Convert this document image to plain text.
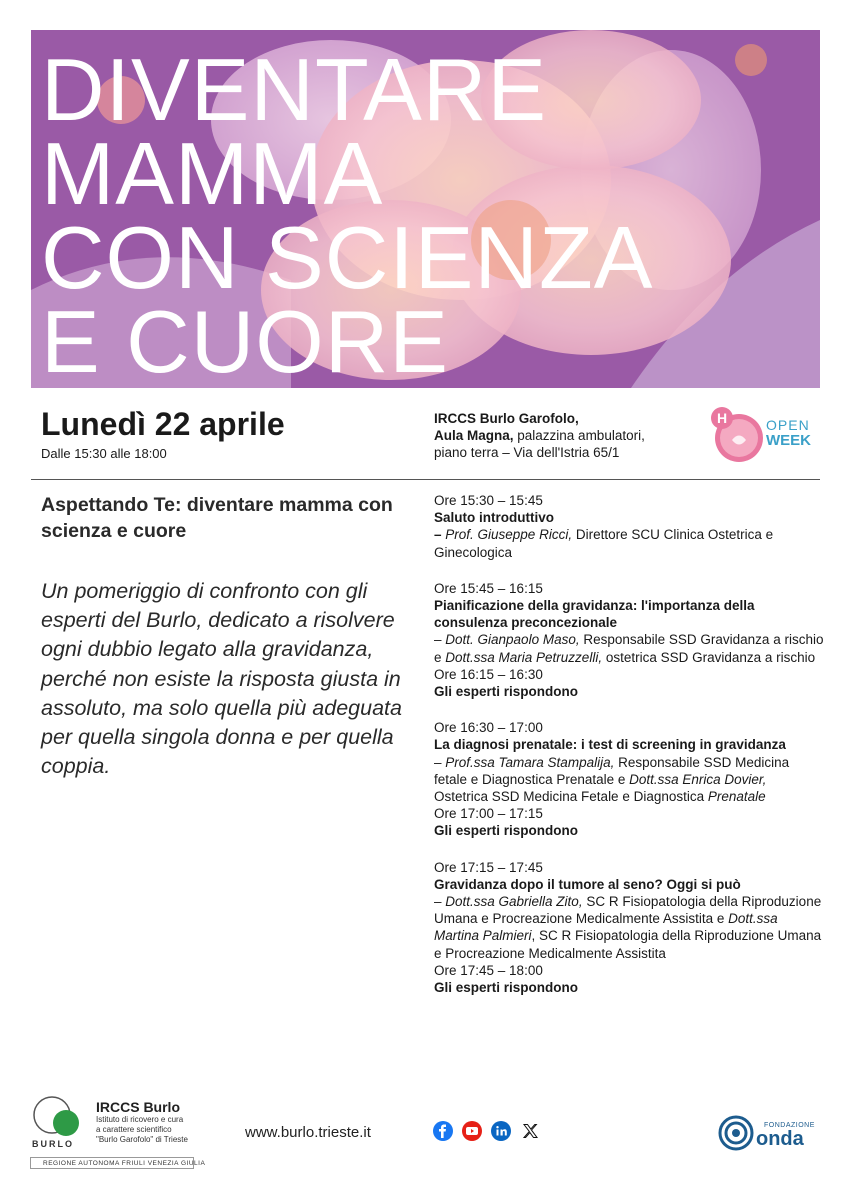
DIVENTARE
MAMMA
CON SCIENZA
E CUORE
Lunedì 22 aprile
Dalle 15:30 alle 18:00
IRCCS Burlo Garofolo,
Aula Magna, palazzina ambulatori,
piano terra – Via dell'Istria 65/1
H	OPEN
WEEK
Aspettando Te: diventare mamma con scienza e cuore
Un pomeriggio di confronto con gli esperti del Burlo, dedicato a risolvere ogni dubbio legato alla gravidanza, perché non esiste la risposta giusta in assoluto, ma solo quella più adeguata per quella singola donna e per quella coppia.
Ore 15:30 – 15:45
Saluto introduttivo
– Prof. Giuseppe Ricci, Direttore SCU Clinica Ostetrica e Ginecologica
Ore 15:45 – 16:15
Pianificazione della gravidanza: l'importanza della consulenza preconcezionale
– Dott. Gianpaolo Maso, Responsabile SSD Gravidanza a rischio e Dott.ssa Maria Petruzzelli, ostetrica SSD Gravidanza a rischio
Ore 16:15 – 16:30
Gli esperti rispondono
Ore 16:30 – 17:00
La diagnosi prenatale: i test di screening in gravidanza
– Prof.ssa Tamara Stampalija, Responsabile SSD Medicina fetale e Diagnostica Prenatale e Dott.ssa Enrica Dovier, Ostetrica SSD Medicina Fetale e Diagnostica Prenatale
Ore 17:00 – 17:15
Gli esperti rispondono
Ore 17:15 – 17:45
Gravidanza dopo il tumore al seno? Oggi si può
– Dott.ssa Gabriella Zito, SC R Fisiopatologia della Riproduzione Umana e Procreazione Medicalmente Assistita e Dott.ssa Martina Palmieri, SC R Fisiopatologia della Riproduzione Umana e Procreazione Medicalmente Assistita
Ore 17:45 – 18:00
Gli esperti rispondono
BURLO
IRCCS Burlo
Istituto di ricovero e cura
a carattere scientifico
"Burlo Garofolo" di Trieste
REGIONE AUTONOMA FRIULI VENEZIA GIULIA
www.burlo.trieste.it	FONDAZIONE
onda
